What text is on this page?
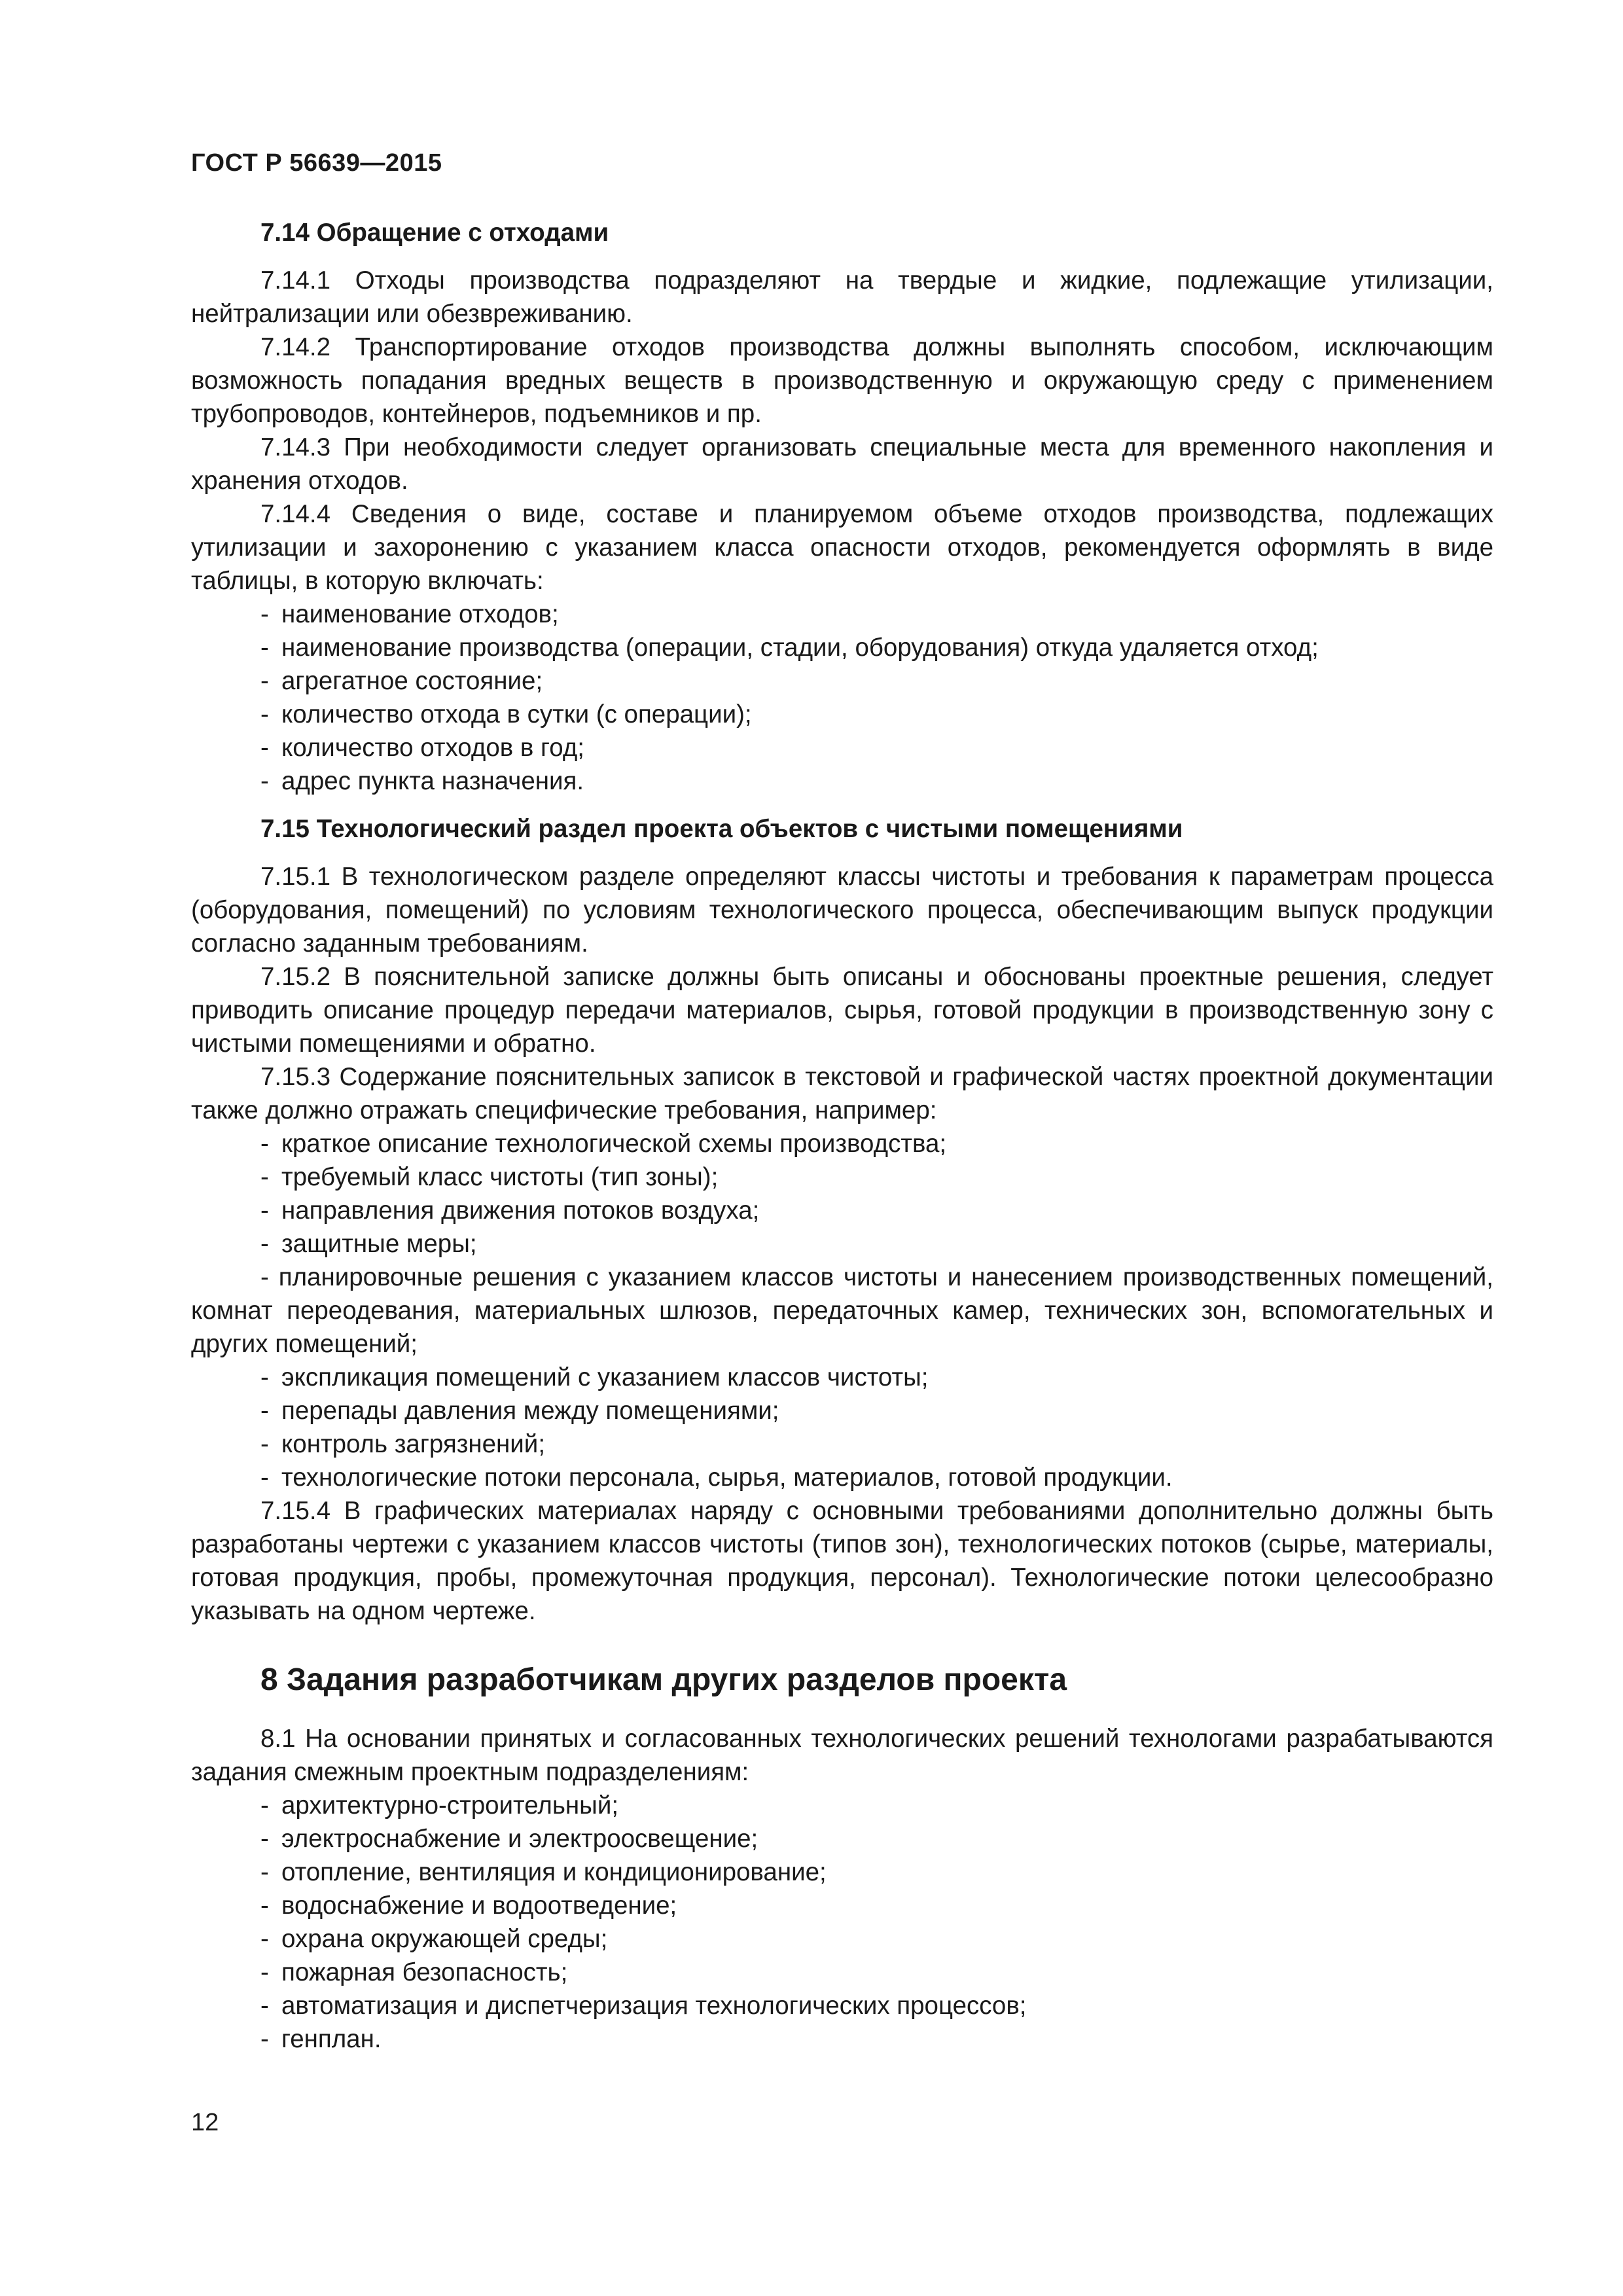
ГОСТ Р 56639—2015
7.14 Обращение с отходами

7.14.1 Отходы производства подразделяют на твердые и жидкие, подлежащие утилизации, нейтрализации или обезвреживанию.

7.14.2 Транспортирование отходов производства должны выполнять способом, исключающим возможность попадания вредных веществ в производственную и окружающую среду с применением трубопроводов, контейнеров, подъемников и пр.

7.14.3 При необходимости следует организовать специальные места для временного накопления и хранения отходов.

7.14.4 Сведения о виде, составе и планируемом объеме отходов производства, подлежащих утилизации и захоронению с указанием класса опасности отходов, рекомендуется оформлять в виде таблицы, в которую включать:

- наименование отходов;
- наименование производства (операции, стадии, оборудования) откуда удаляется отход;
- агрегатное состояние;
- количество отхода в сутки (с операции);
- количество отходов в год;
- адрес пункта назначения.
7.15 Технологический раздел проекта объектов с чистыми помещениями

7.15.1 В технологическом разделе определяют классы чистоты и требования к параметрам процесса (оборудования, помещений) по условиям технологического процесса, обеспечивающим выпуск продукции согласно заданным требованиям.

7.15.2 В пояснительной записке должны быть описаны и обоснованы проектные решения, следует приводить описание процедур передачи материалов, сырья, готовой продукции в производственную зону с чистыми помещениями и обратно.

7.15.3 Содержание пояснительных записок в текстовой и графической частях проектной документации также должно отражать специфические требования, например:

- краткое описание технологической схемы производства;
- требуемый класс чистоты (тип зоны);
- направления движения потоков воздуха;
- защитные меры;

- планировочные решения с указанием классов чистоты и нанесением производственных помещений, комнат переодевания, материальных шлюзов, передаточных камер, технических зон, вспомогательных и других помещений;

- экспликация помещений с указанием классов чистоты;
- перепады давления между помещениями;
- контроль загрязнений;
- технологические потоки персонала, сырья, материалов, готовой продукции.

7.15.4 В графических материалах наряду с основными требованиями дополнительно должны быть разработаны чертежи с указанием классов чистоты (типов зон), технологических потоков (сырье, материалы, готовая продукция, пробы, промежуточная продукция, персонал). Технологические потоки целесообразно указывать на одном чертеже.

8 Задания разработчикам других разделов проекта

8.1 На основании принятых и согласованных технологических решений технологами разрабатываются задания смежным проектным подразделениям:

- архитектурно-строительный;
- электроснабжение и электроосвещение;
- отопление, вентиляция и кондиционирование;
- водоснабжение и водоотведение;
- охрана окружающей среды;
- пожарная безопасность;
- автоматизация и диспетчеризация технологических процессов;
- генплан.
12
